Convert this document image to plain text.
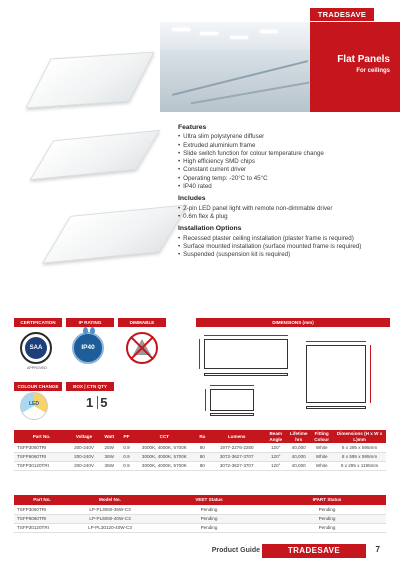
TRADESAVE
Flat Panels
For ceilings
Features
• Ultra slim polystyrene diffuser
• Extruded aluminium frame
• Slide switch function for colour temperature change
• High efficiency SMD chips
• Constant current driver
• Operating temp: -20°C to 45°C
• IP40 rated
Includes
• 2-pin LED panel light with remote non-dimmable driver
• 0.6m flex & plug
Installation Options
• Recessed plaster ceiling installation (plaster frame is required)
• Surface mounted installation (surface mounted frame is required)
• Suspended (suspension kit is required)
CERTIFICATION	IP RATING	DIMMABLE	DIMENSIONS (mm)
SAA
APPROVED
IP40
COLOUR CHANGE	BOX | CTN QTY
LED	1 5
Part No.	Voltage	Watt	PF	CCT	Ra	Lumens	Beam Angle	Lifetime hrs	Fitting Colour	Dimensions (H x W x L)mm
TSFP3060TRI	200-240V	25W	0.9	3000K, 4000K, 5700K	80	1977-2276-2280	120°	40,000	White	8 x 295 x 595mm
TSFP6060TRI	200-240V	36W	0.9	3000K, 4000K, 5700K	80	3072-3627-3707	120°	40,000	White	8 x 595 x 595mm
TSFP30120TRI	200-240V	36W	0.9	3000K, 4000K, 5700K	80	3072-3627-3707	120°	40,000	White	8 x 295 x 1195mm
Part No.	Model No.	VEET Status	IPART Status
TSFP3060TRI	LP-PL3060-36W-C3	Pending	Pending
TSFP6060TRI	LP-PL6060-40W-C3	Pending	Pending
TSFP30120TRI	LP-PL30120-40W-C3	Pending	Pending
Product Guide	TRADESAVE	7
